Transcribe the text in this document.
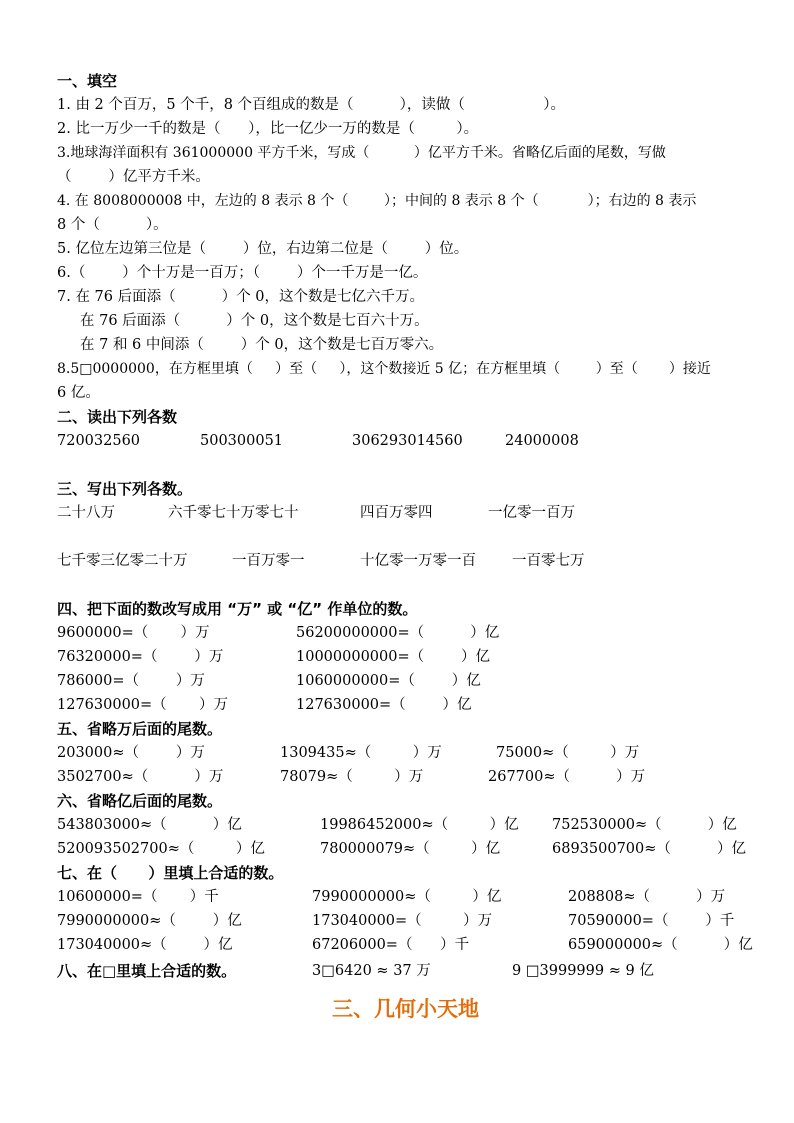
一、填空
1. 由 2 个百万，5 个千，8 个百组成的数是（          ），读做（                 ）。
2. 比一万少一千的数是（      ），比一亿少一万的数是（         ）。
3.地球海洋面积有 361000000 平方千米，写成（          ）亿平方千米。省略亿后面的尾数，写做
（        ）亿平方千米。
4. 在 8008000008 中，左边的 8 表示 8 个（        ）；中间的 8 表示 8 个（           ）；右边的 8 表示
8 个（          ）。
5. 亿位左边第三位是（        ）位，右边第二位是（        ）位。
6.（        ）个十万是一百万；（        ）个一千万是一亿。
7. 在 76 后面添（          ）个 0，这个数是七亿六千万。
在 76 后面添（          ）个 0，这个数是七百六十万。
在 7 和 6 中间添（        ）个 0，这个数是七百万零六。
8.5□0000000，在方框里填（     ）至（     ），这个数接近 5 亿；在方框里填（        ）至（       ）接近
6 亿。
二、读出下列各数
720032560	500300051	306293014560	24000008
三、写出下列各数。
二十八万	六千零七十万零七十	四百万零四	一亿零一百万
七千零三亿零二十万	一百万零一	十亿零一万零一百 一百零七万
四、把下面的数改写成用 “万” 或 “亿” 作单位的数。
9600000=（       ）万	56200000000=（          ）亿
76320000=（        ）万	10000000000=（        ）亿
786000=（        ）万	1060000000=（        ）亿
127630000=（       ）万	127630000=（        ）亿
五、省略万后面的尾数。
203000≈（        ）万	1309435≈（         ）万	75000≈（         ）万
3502700≈（          ）万	78079≈（         ）万	267700≈（          ）万
六、省略亿后面的尾数。
543803000≈（          ）亿	19986452000≈（         ）亿 752530000≈（          ）亿
520093502700≈（         ）亿	780000079≈（         ）亿	6893500700≈（          ）亿
七、在（      ）里填上合适的数。
10600000=（       ）千	7990000000≈（         ）亿	208808≈（          ）万
7990000000≈（        ）亿	173040000=（         ）万	70590000=（        ）千
173040000≈（        ）亿	67206000=（      ）千	659000000≈（          ）亿
八、在□里填上合适的数。	3□6420 ≈ 37 万	9 □3999999 ≈ 9 亿
三、几何小天地
